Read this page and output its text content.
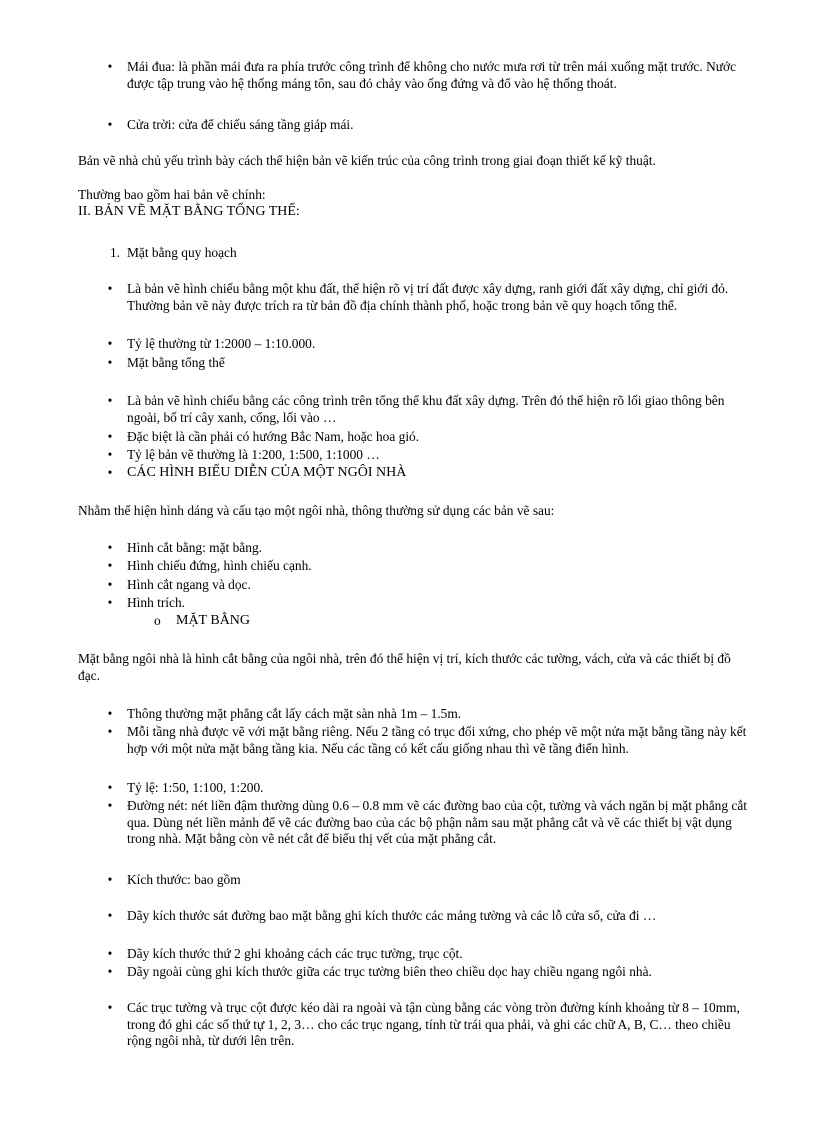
•	Mái đua: là phần mái đưa ra phía trước công trình để không cho nước mưa rơi từ trên mái xuống mặt trước. Nước được tập trung vào hệ thống máng tôn, sau đó chảy vào ống đứng và đổ vào hệ thống thoát.
•	Cửa trời: cửa để chiếu sáng tầng giáp mái.
Bản vẽ nhà chủ yếu trình bày cách thể hiện bản vẽ kiến trúc của công trình trong giai đoạn thiết kế kỹ thuật.
Thường bao gồm hai bản vẽ chính:
II. BẢN VẼ MẶT BẰNG TỔNG THỂ:
1. Mặt bằng quy hoạch
•	Là bản vẽ hình chiếu bằng một khu đất, thể hiện rõ vị trí đất được xây dựng, ranh giới đất xây dựng, chỉ giới đỏ. Thường bản vẽ này được trích ra từ bản đồ địa chính thành phố, hoặc trong bản vẽ quy hoạch tổng thể.
•	Tỷ lệ thường từ 1:2000 – 1:10.000.
•	Mặt bằng tổng thể
•	Là bản vẽ hình chiếu bằng các công trình trên tổng thể khu đất xây dựng. Trên đó thể hiện rõ lối giao thông bên ngoài, bố trí cây xanh, cổng, lối vào …
•	Đặc biệt là cần phải có hướng Bắc Nam, hoặc hoa gió.
•	Tỷ lệ bản vẽ thường là 1:200, 1:500, 1:1000 …
•	CÁC HÌNH BIỂU DIỄN CỦA MỘT NGÔI NHÀ
Nhằm thể hiện hình dáng và cấu tạo một ngôi nhà, thông thường sử dụng các bản vẽ sau:
•	Hình cắt bằng: mặt bằng.
•	Hình chiếu đứng, hình chiếu cạnh.
•	Hình cắt ngang và dọc.
•	Hình trích.
o MẶT BẰNG
Mặt bằng ngôi nhà là hình cắt bằng của ngôi nhà, trên đó thể hiện vị trí, kích thước các tường, vách, cửa và các thiết bị đồ đạc.
•	Thông thường mặt phẳng cắt lấy cách mặt sàn nhà 1m – 1.5m.
•	Mỗi tầng nhà được vẽ với mặt bằng riêng. Nếu 2 tầng có trục đối xứng, cho phép vẽ một nửa mặt bằng tầng này kết hợp với một nửa mặt bằng tầng kia. Nếu các tầng có kết cấu giống nhau thì vẽ tầng điển hình.
•	Tỷ lệ: 1:50, 1:100, 1:200.
•	Đường nét: nét liền đậm thường dùng 0.6 – 0.8 mm vẽ các đường bao của cột, tường và vách ngăn bị mặt phẳng cắt qua. Dùng nét liền mảnh để vẽ các đường bao của các bộ phận nằm sau mặt phẳng cắt và vẽ các thiết bị vật dụng trong nhà. Mặt bằng còn vẽ nét cắt để biểu thị vết của mặt phẳng cắt.
•	Kích thước: bao gồm
•	Dãy kích thước sát đường bao mặt bằng ghi kích thước các mảng tường và các lỗ cửa sổ, cửa đi …
•	Dãy kích thước thứ 2 ghi khoảng cách các trục tường, trục cột.
•	Dãy ngoài cùng ghi kích thước giữa các trục tường biên theo chiều dọc hay chiều ngang ngôi nhà.
•	Các trục tường và trục cột được kéo dài ra ngoài và tận cùng bằng các vòng tròn đường kính khoảng từ 8 – 10mm, trong đó ghi các số thứ tự 1, 2, 3… cho các trục ngang, tính từ trái qua phải, và ghi các chữ A, B, C… theo chiều rộng ngôi nhà, từ dưới lên trên.
